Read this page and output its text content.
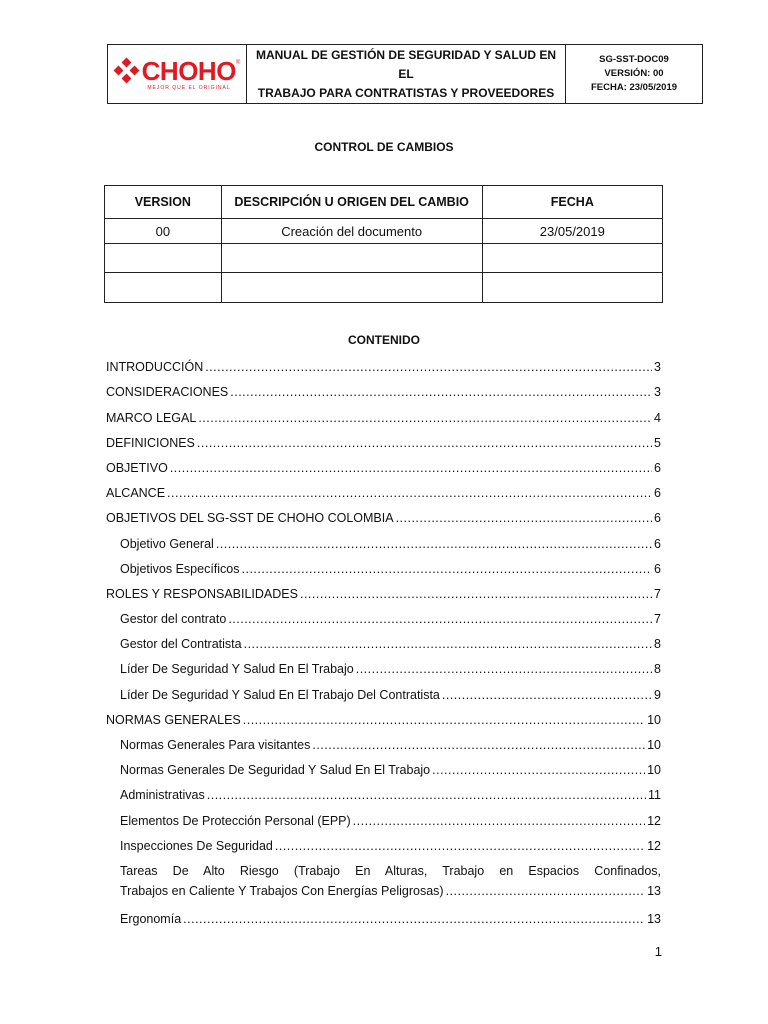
CHOHO ®
MEJOR QUE EL ORIGINAL

MANUAL DE GESTIÓN DE SEGURIDAD Y SALUD EN EL
TRABAJO PARA CONTRATISTAS Y PROVEEDORES

SG-SST-DOC09
VERSIÓN: 00
FECHA: 23/05/2019
CONTROL DE CAMBIOS
VERSION	DESCRIPCIÓN U ORIGEN DEL CAMBIO	FECHA
00	Creación del documento	23/05/2019

CONTENIDO
INTRODUCCIÓN .....	3
CONSIDERACIONES .....	3
MARCO LEGAL .....	4
DEFINICIONES .....	5
OBJETIVO .....	6
ALCANCE .....	6
OBJETIVOS DEL SG-SST DE CHOHO COLOMBIA .....	6
Objetivo General .....	6
Objetivos Específicos .....	6
ROLES Y RESPONSABILIDADES .....	7
Gestor del contrato .....	7
Gestor del Contratista .....	8
Líder De Seguridad Y Salud En El Trabajo .....	8
Líder De Seguridad Y Salud En El Trabajo Del Contratista .....	9
NORMAS GENERALES .....	10
Normas Generales Para visitantes .....	10
Normas Generales De Seguridad Y Salud En El Trabajo .....	10
Administrativas .....	11
Elementos De Protección Personal (EPP) .....	12
Inspecciones De Seguridad .....	12
Tareas De Alto Riesgo (Trabajo En Alturas, Trabajo en Espacios Confinados,
Trabajos en Caliente Y Trabajos Con Energías Peligrosas) .....	13
Ergonomía .....	13
1
